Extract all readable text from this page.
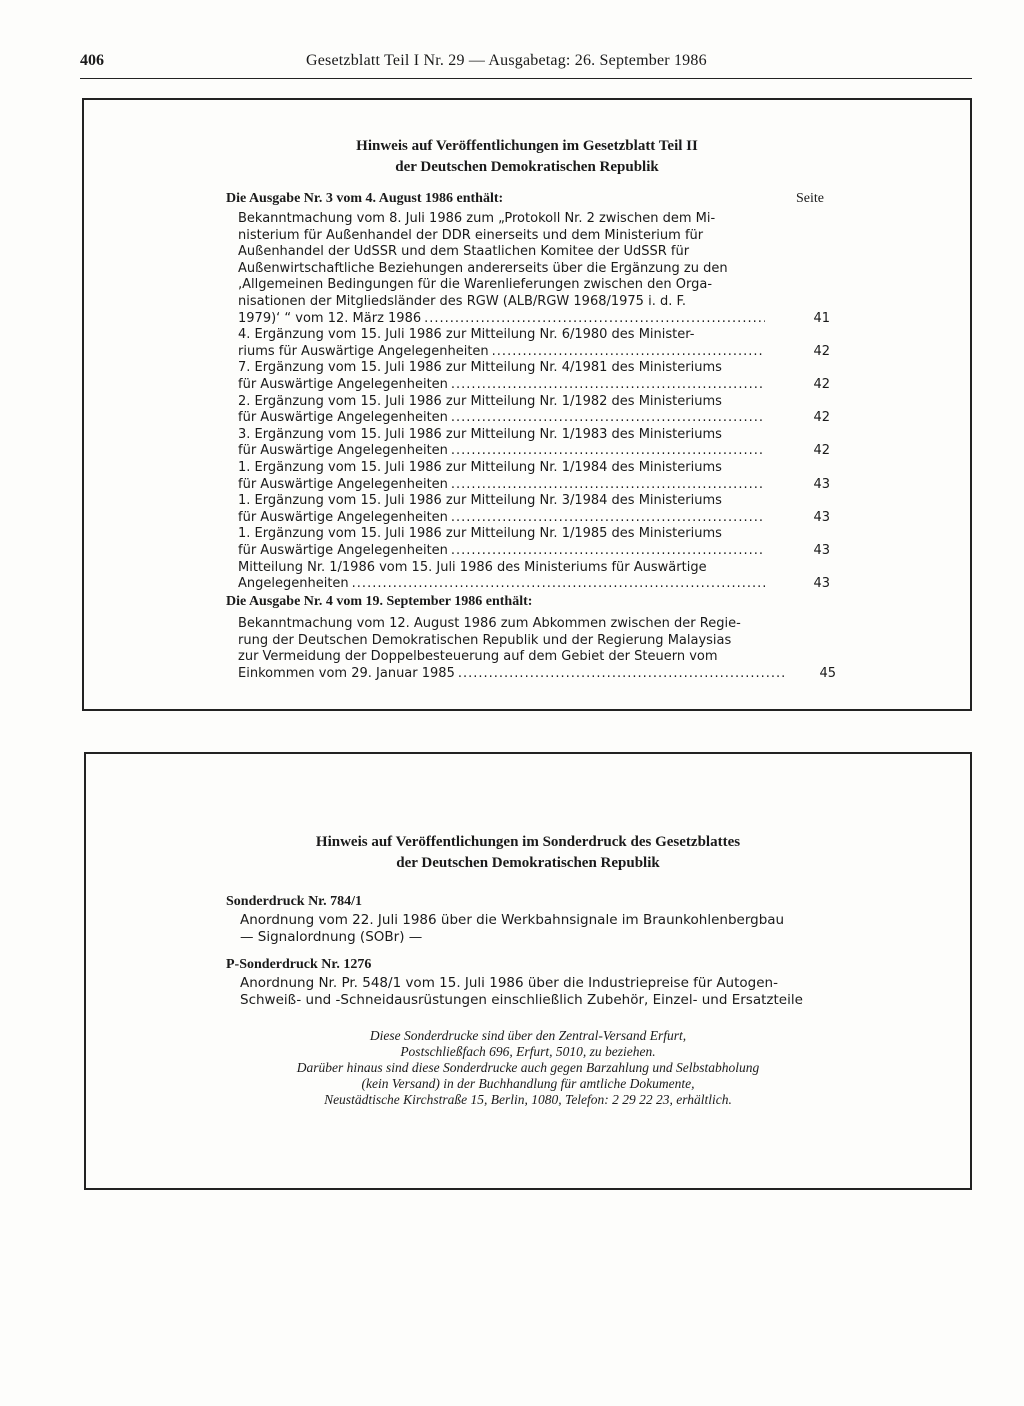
406	Gesetzblatt Teil I Nr. 29 — Ausgabetag: 26. September 1986
Hinweis auf Veröffentlichungen im Gesetzblatt Teil II
der Deutschen Demokratischen Republik
Die Ausgabe Nr. 3 vom 4. August 1986 enthält:	Seite
Bekanntmachung vom 8. Juli 1986 zum „Protokoll Nr. 2 zwischen dem Mi-
nisterium für Außenhandel der DDR einerseits und dem Ministerium für
Außenhandel der UdSSR und dem Staatlichen Komitee der UdSSR für
Außenwirtschaftliche Beziehungen andererseits über die Ergänzung zu den
‚Allgemeinen Bedingungen für die Warenlieferungen zwischen den Orga-
nisationen der Mitgliedsländer des RGW (ALB/RGW 1968/1975 i. d. F.
1979)‘ “ vom 12. März 1986 .....	41
4. Ergänzung vom 15. Juli 1986 zur Mitteilung Nr. 6/1980 des Minister-
riums für Auswärtige Angelegenheiten .....	42
7. Ergänzung vom 15. Juli 1986 zur Mitteilung Nr. 4/1981 des Ministeriums
für Auswärtige Angelegenheiten .....	42
2. Ergänzung vom 15. Juli 1986 zur Mitteilung Nr. 1/1982 des Ministeriums
für Auswärtige Angelegenheiten .....	42
3. Ergänzung vom 15. Juli 1986 zur Mitteilung Nr. 1/1983 des Ministeriums
für Auswärtige Angelegenheiten .....	42
1. Ergänzung vom 15. Juli 1986 zur Mitteilung Nr. 1/1984 des Ministeriums
für Auswärtige Angelegenheiten .....	43
1. Ergänzung vom 15. Juli 1986 zur Mitteilung Nr. 3/1984 des Ministeriums
für Auswärtige Angelegenheiten .....	43
1. Ergänzung vom 15. Juli 1986 zur Mitteilung Nr. 1/1985 des Ministeriums
für Auswärtige Angelegenheiten .....	43
Mitteilung Nr. 1/1986 vom 15. Juli 1986 des Ministeriums für Auswärtige
Angelegenheiten .....	43
Die Ausgabe Nr. 4 vom 19. September 1986 enthält:
Bekanntmachung vom 12. August 1986 zum Abkommen zwischen der Regie-
rung der Deutschen Demokratischen Republik und der Regierung Malaysias
zur Vermeidung der Doppelbesteuerung auf dem Gebiet der Steuern vom
Einkommen vom 29. Januar 1985 .....	45
Hinweis auf Veröffentlichungen im Sonderdruck des Gesetzblattes
der Deutschen Demokratischen Republik
Sonderdruck Nr. 784/1
Anordnung vom 22. Juli 1986 über die Werkbahnsignale im Braunkohlenbergbau
— Signalordnung (SOBr) —
P-Sonderdruck Nr. 1276
Anordnung Nr. Pr. 548/1 vom 15. Juli 1986 über die Industriepreise für Autogen-
Schweiß- und -Schneidausrüstungen einschließlich Zubehör, Einzel- und Ersatzteile
Diese Sonderdrucke sind über den Zentral-Versand Erfurt,
Postschließfach 696, Erfurt, 5010, zu beziehen.
Darüber hinaus sind diese Sonderdrucke auch gegen Barzahlung und Selbstabholung
(kein Versand) in der Buchhandlung für amtliche Dokumente,
Neustädtische Kirchstraße 15, Berlin, 1080, Telefon: 2 29 22 23, erhältlich.
